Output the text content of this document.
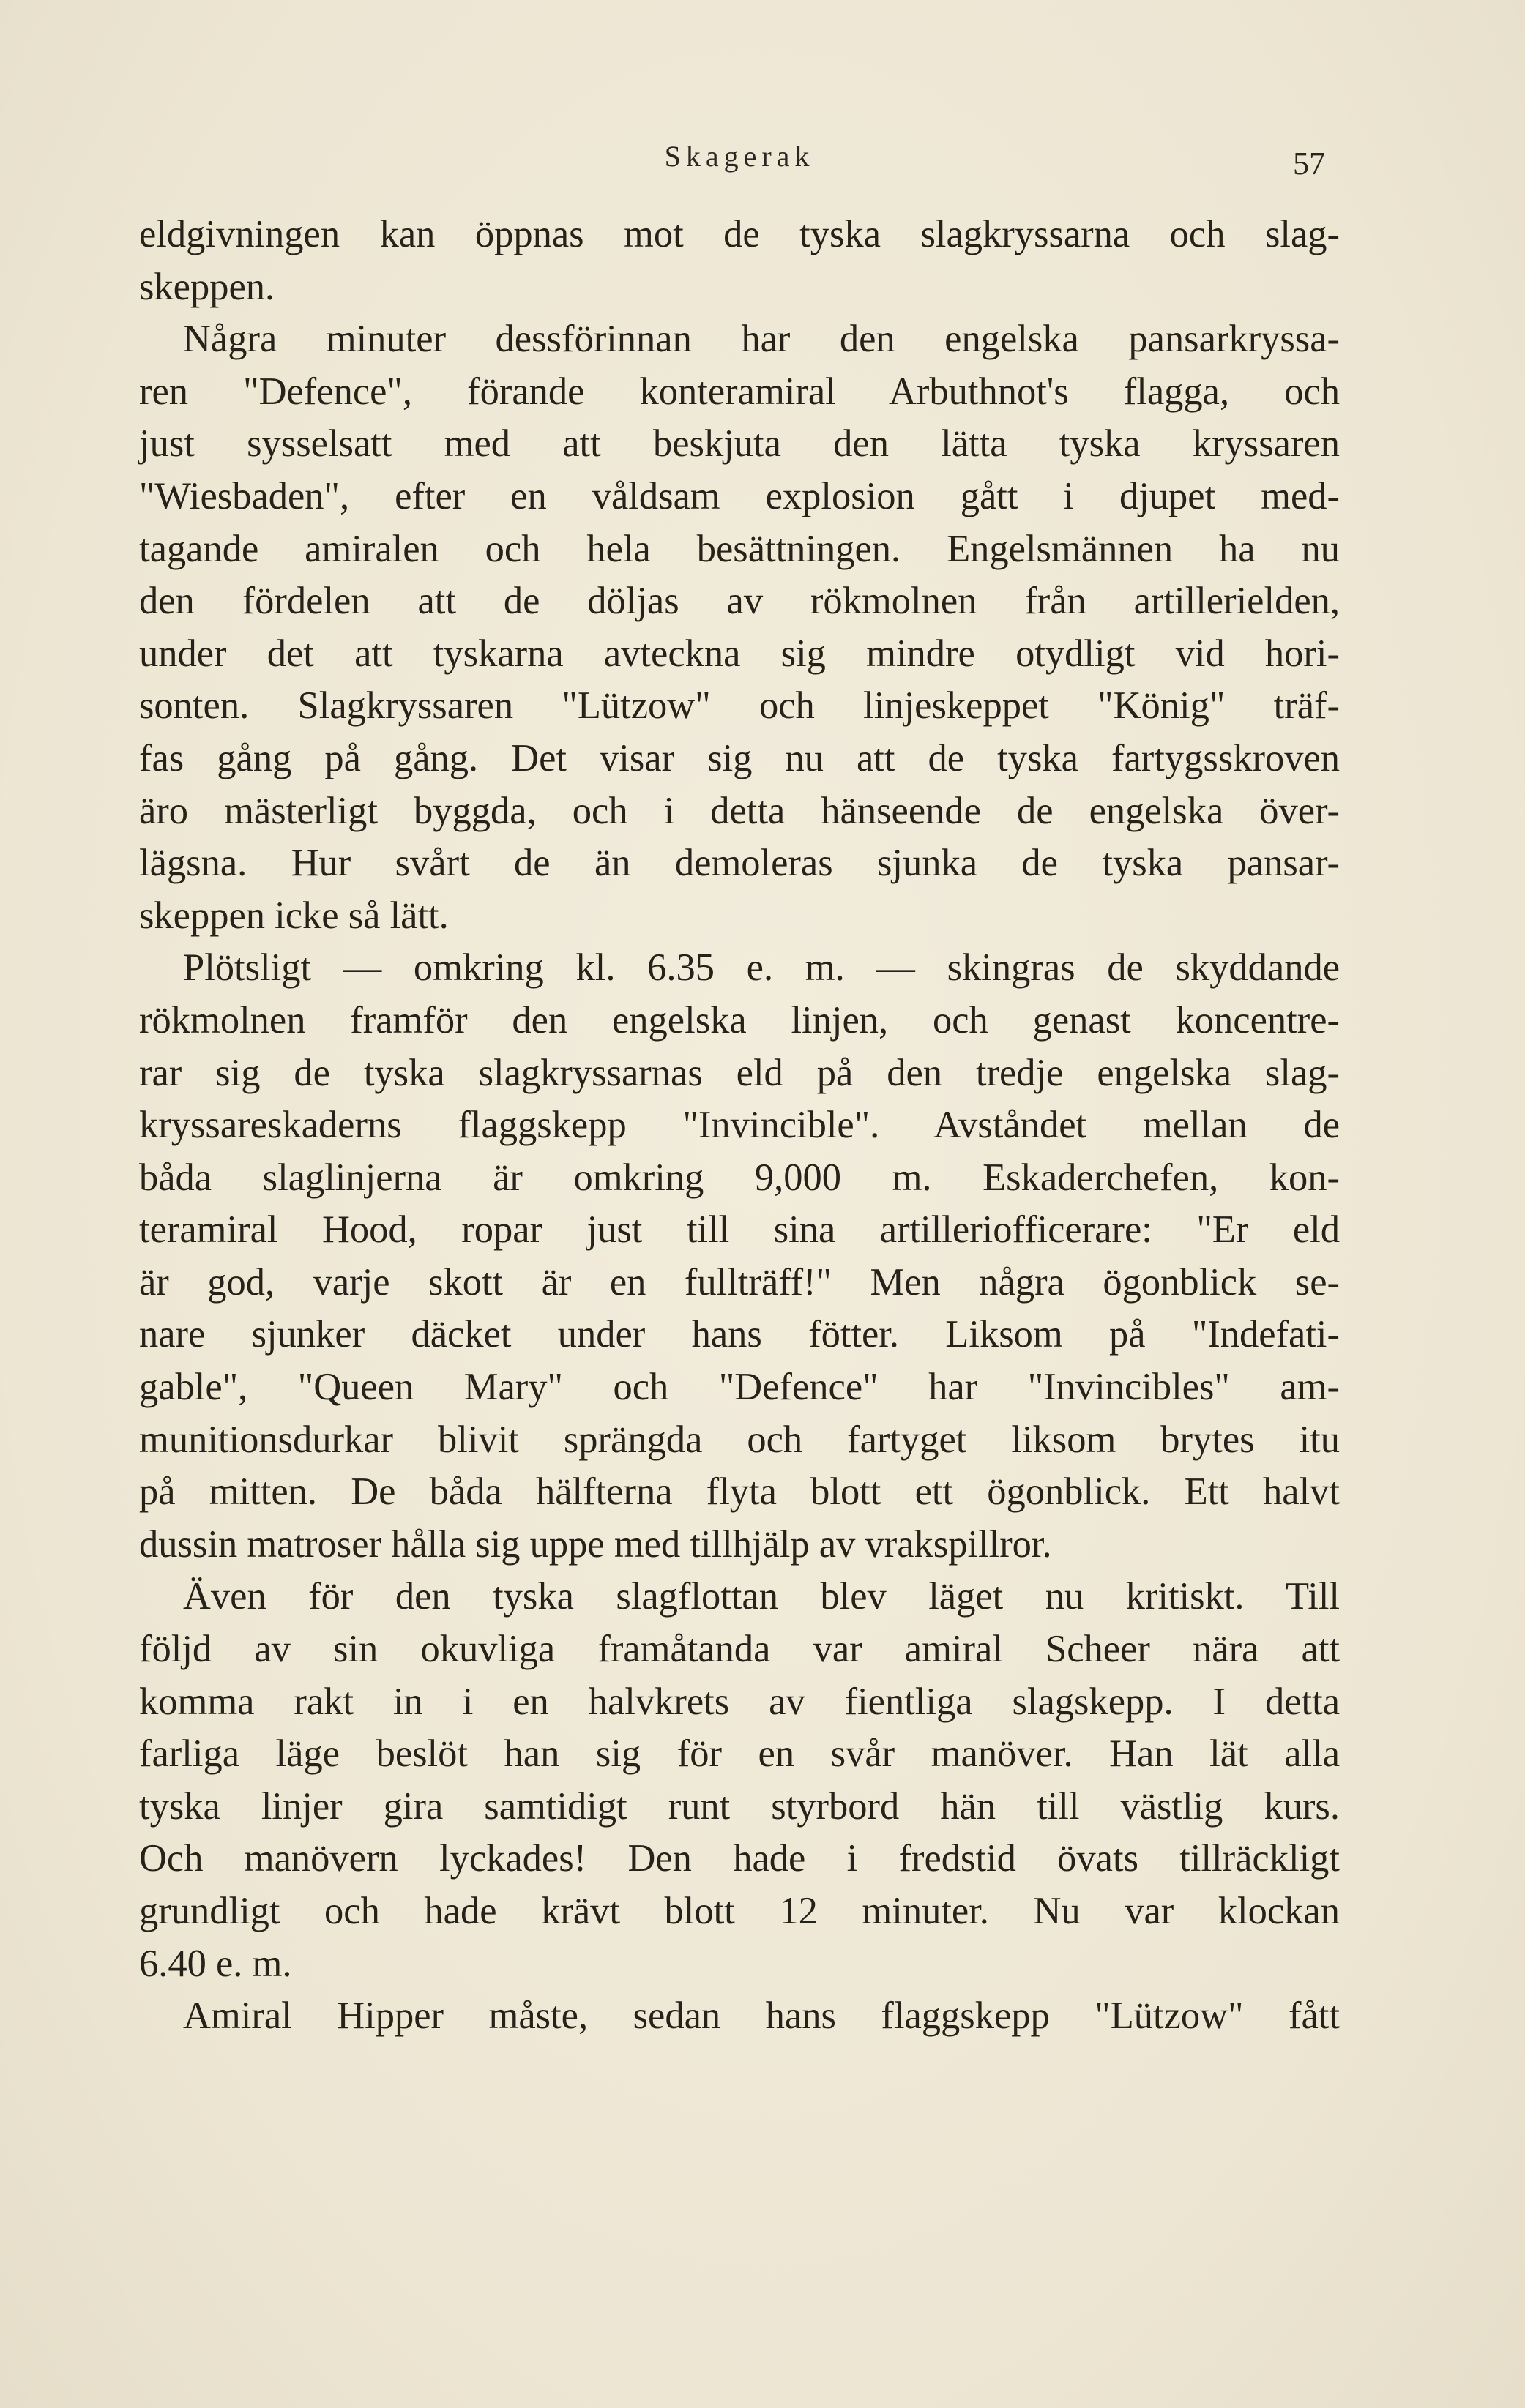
Skagerak	57
eldgivningen kan öppnas mot de tyska slagkryssarna och slag-
skeppen.
Några minuter dessförinnan har den engelska pansarkryssa-
ren "Defence", förande konteramiral Arbuthnot's flagga, och
just sysselsatt med att beskjuta den lätta tyska kryssaren
"Wiesbaden", efter en våldsam explosion gått i djupet med-
tagande amiralen och hela besättningen. Engelsmännen ha nu
den fördelen att de döljas av rökmolnen från artillerielden,
under det att tyskarna avteckna sig mindre otydligt vid hori-
sonten. Slagkryssaren "Lützow" och linjeskeppet "König" träf-
fas gång på gång. Det visar sig nu att de tyska fartygsskroven
äro mästerligt byggda, och i detta hänseende de engelska över-
lägsna. Hur svårt de än demoleras sjunka de tyska pansar-
skeppen icke så lätt.
Plötsligt — omkring kl. 6.35 e. m. — skingras de skyddande
rökmolnen framför den engelska linjen, och genast koncentre-
rar sig de tyska slagkryssarnas eld på den tredje engelska slag-
kryssareskaderns flaggskepp "Invincible". Avståndet mellan de
båda slaglinjerna är omkring 9,000 m. Eskaderchefen, kon-
teramiral Hood, ropar just till sina artilleriofficerare: "Er eld
är god, varje skott är en fullträff!" Men några ögonblick se-
nare sjunker däcket under hans fötter. Liksom på "Indefati-
gable", "Queen Mary" och "Defence" har "Invincibles" am-
munitionsdurkar blivit sprängda och fartyget liksom brytes itu
på mitten. De båda hälfterna flyta blott ett ögonblick. Ett halvt
dussin matroser hålla sig uppe med tillhjälp av vrakspillror.
Även för den tyska slagflottan blev läget nu kritiskt. Till
följd av sin okuvliga framåtanda var amiral Scheer nära att
komma rakt in i en halvkrets av fientliga slagskepp. I detta
farliga läge beslöt han sig för en svår manöver. Han lät alla
tyska linjer gira samtidigt runt styrbord hän till västlig kurs.
Och manövern lyckades! Den hade i fredstid övats tillräckligt
grundligt och hade krävt blott 12 minuter. Nu var klockan
6.40 e. m.
Amiral Hipper måste, sedan hans flaggskepp "Lützow" fått
